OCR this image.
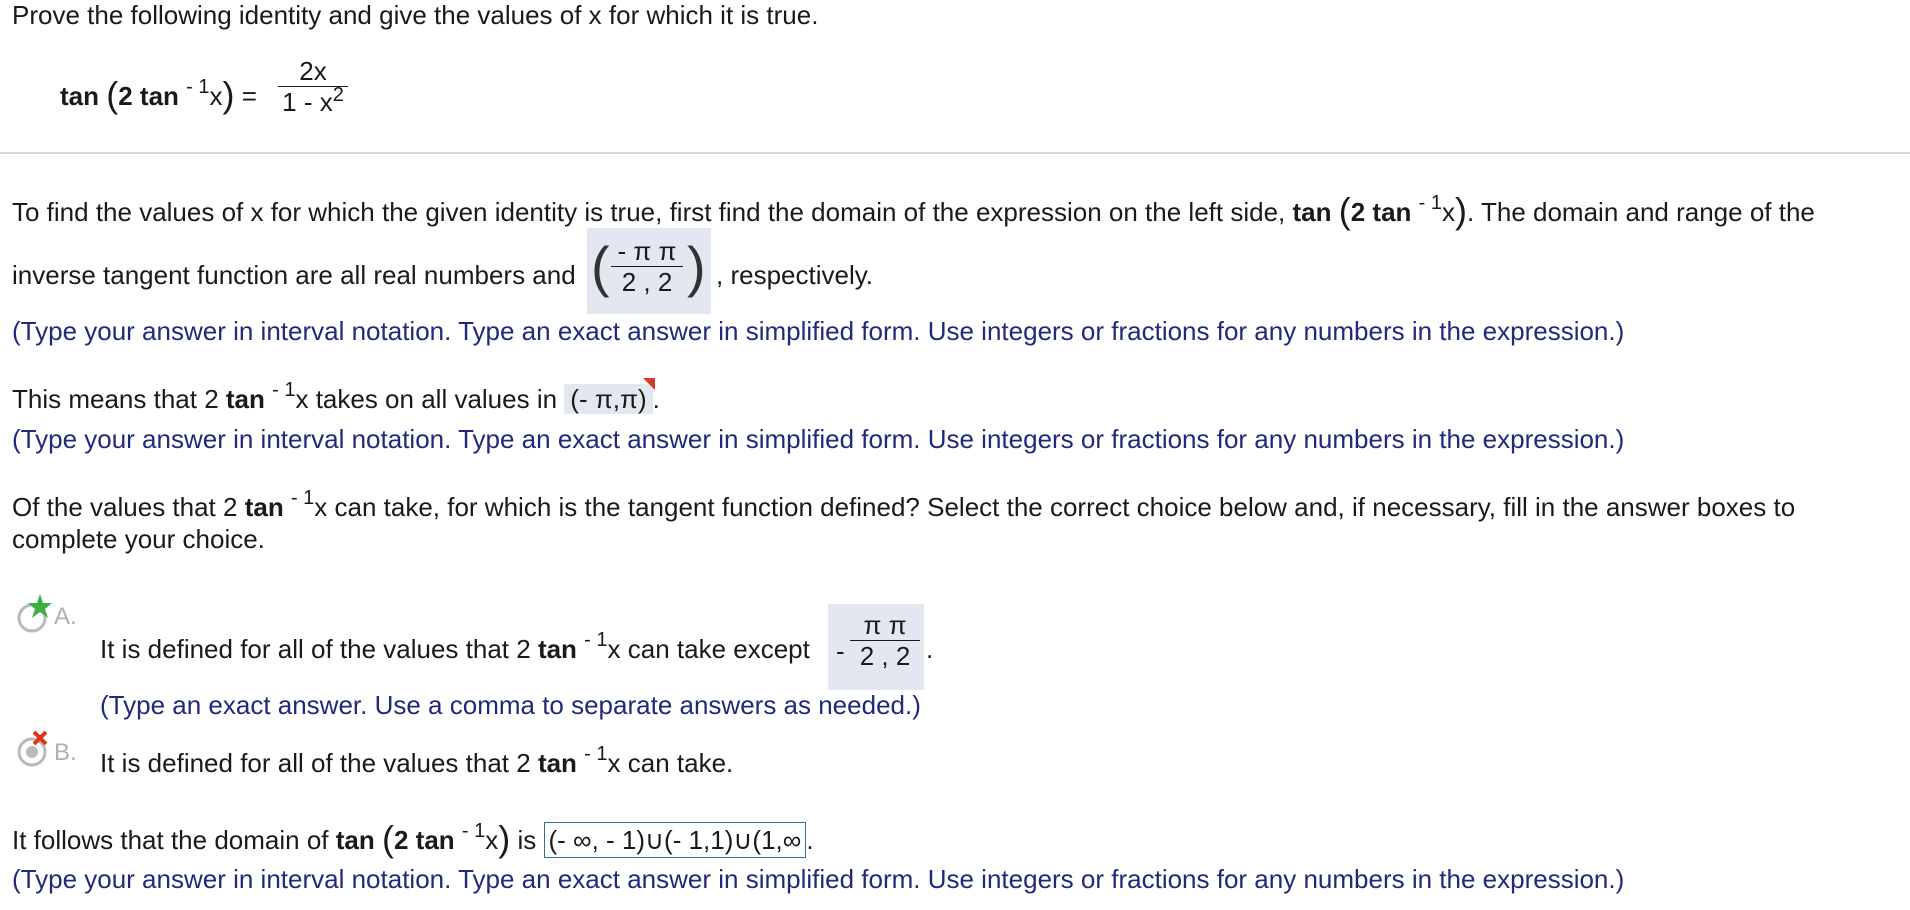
Prove the following identity and give the values of x for which it is true.
tan (2 $\tan ^{- 1}x) = \frac{2x}{1 - x^2}$
To find the values of x for which the given identity is true, first find the domain of the expression on the left side, tan (2 tan $^{- 1}$x). The domain and range of the
inverse tangent function are all real numbers and ( $\frac{\text{- π π}}{2 , 2}$ ) , respectively.
(Type your answer in interval notation. Type an exact answer in simplified form. Use integers or fractions for any numbers in the expression.)
This means that 2 tan $^{- 1}$x takes on all values in (- π,π) .
(Type your answer in interval notation. Type an exact answer in simplified form. Use integers or fractions for any numbers in the expression.)
Of the values that 2 tan $^{- 1}$x can take, for which is the tangent function defined? Select the correct choice below and, if necessary, fill in the answer boxes to
complete your choice.
A.
It is defined for all of the values that 2 tan $^{- 1}$x can take except - $\frac{\text{π π}}{2 , 2}$ .
(Type an exact answer. Use a comma to separate answers as needed.)
B. It is defined for all of the values that 2 tan $^{- 1}$x can take.
It follows that the domain of tan (2 tan $^{- 1}$x) is (- ∞, - 1)∪(- 1,1)∪(1,∞ .
(Type your answer in interval notation. Type an exact answer in simplified form. Use integers or fractions for any numbers in the expression.)
